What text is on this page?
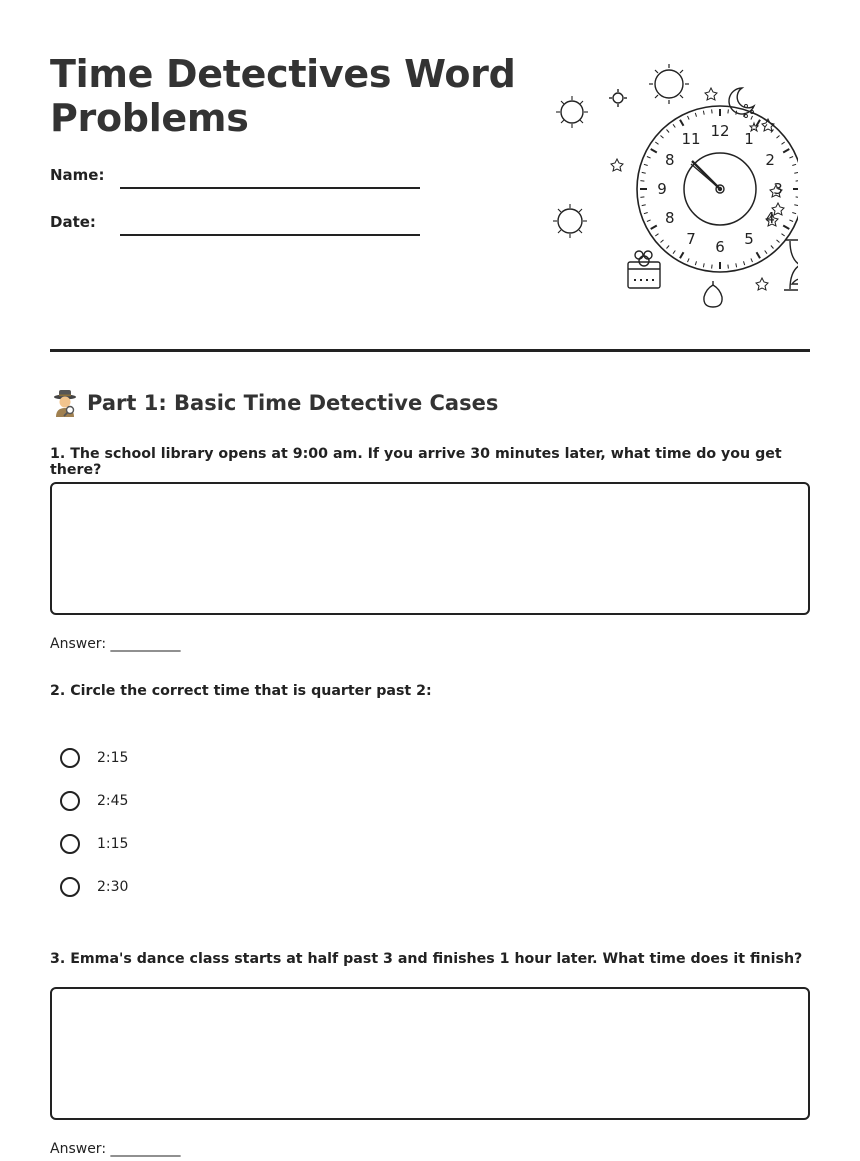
Time Detectives Word Problems
Name:
Date:
12 1
2
3
4
5
6
7
8
9
8
11
Part 1: Basic Time Detective Cases

1. The school library opens at 9:00 am. If you arrive 30 minutes later, what time do you get there?

Answer: __________

2. Circle the correct time that is quarter past 2:

2:15
2:45
1:15
2:30

3. Emma's dance class starts at half past 3 and finishes 1 hour later. What time does it finish?

Answer: __________
